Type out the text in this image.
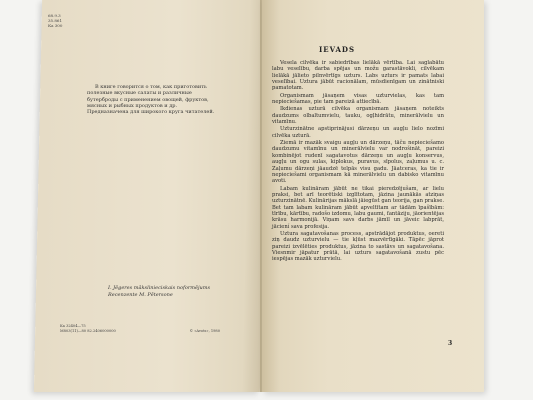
68.9.3
35.861
Ка 300
В книге говорится о том, как приготовить полезные вкусные салаты и различные бутерброды с применением овощей, фруктов, мясных и рыбных продуктов и др. Предназначена для широкого круга читателей.
I. Jēgeres mākslinieciskais noformējums
Recenzente M. Pētersone
Ка 32404—75
М803(11)—80 82.2406000000	© «Avots», 1980
IEVADS

Veselа cilvēka ir sabiedrības lielākā vērtība. Lai saglabātu labu veselību, darba spējas un možu garastāvokli, cilvēkam lielākā jālietо pilnvērtīgs uzturs. Labs uzturs ir pamats labai veselībai. Uztura jābūt racionālam, mūsdienīgam un zinātniski pamatotam.

Organismam jāsaņem visas uzturvielas, kas tam nepieciešamas, pie tam pareizā attiecībā.

Ikdienas uzturā cilvēka organismam jāsaņem noteikts daudzums olbaltumvielu, tauku, ogļhidrātu, minerālvielu un vitamīnu.

Uzturzinātne apstiprinājusi dārzeņu un augļu lielo nozīmi cilvēka uzturā.

Ziemā ir mazāk svaigu augļu un dārzeņu, tāču nepieciešamo daudzumu vitamīnu un minerālvielu var nodrošināt, pareizi kombinējot rudenī sagatavotus dārzeņu un augļu konservus, augļu un ogu sulas, kiplokus, puravus, sīpolus, zaļumus u. c. Zaļumu dārzeņi jāaudzē telpās visu gadu. Jāatceras, ka tie ir nepieciešami organismam kā minerālvielu un dabisko vitamīnu avoti.

Labam kulināram jābūt ne tikai pieredzējušam, ar lielu praksi, bet arī teorētiski izglītotam, jāzina jaunākās atziņas uzturzinātnē. Kulinārijas mākslā jāiegūst gan teorija, gan prakse. Bet tam labam kulināram jābūt apveltītam ar tādām īpašībām: tīrību, kārtību, radošo izdomu, labu gaumi, fantāziju, jāorientējas krāsu harmonijā. Viņam savs darbs jāmīl un jāveic labprāt, jāciení sava profesija.

Uztura sagatavošanas process, apstrādājot produktus, oereti ziņ daudz uzturvielu — tie kļūst mazvērtīgāki. Tāpēc jāprot pareizi izvēlēties produktus, jāzina to sastāvs un sagatavošana. Viesnmir jāpatur prātā, lai uzturs sagatavošanā zustu pēc iespējas mazāk uzturvielu.

3
